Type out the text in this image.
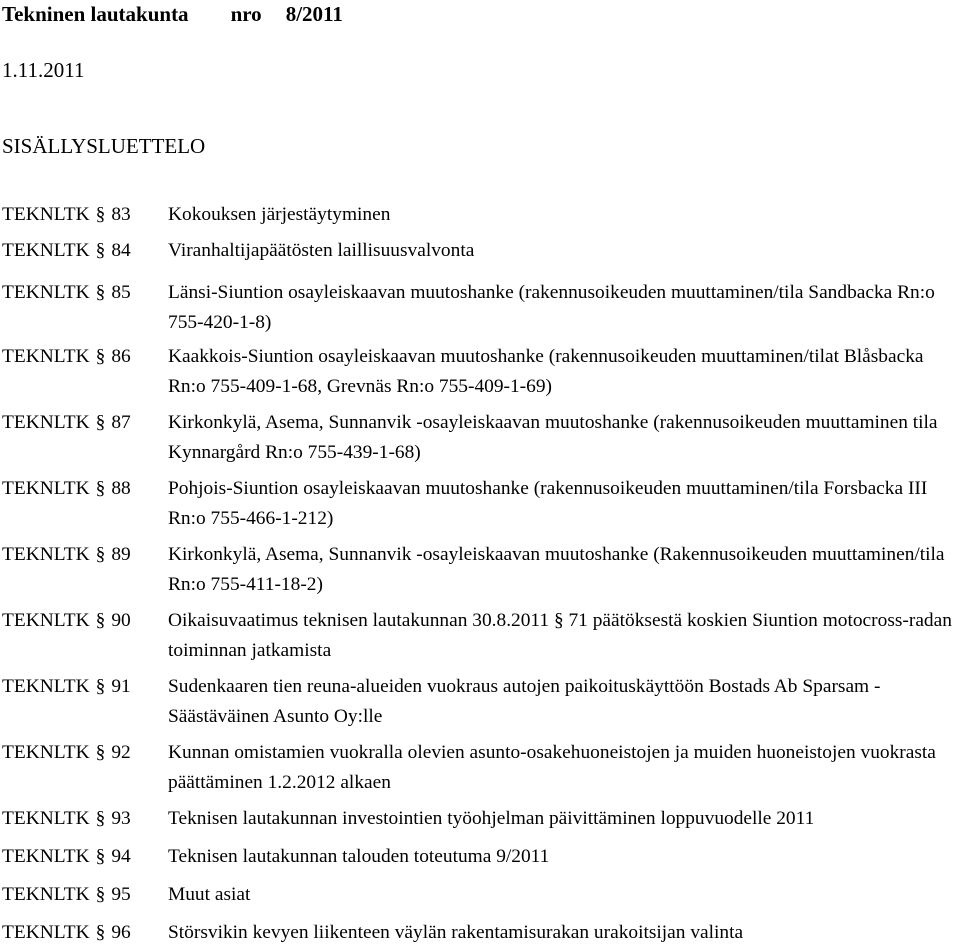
Tekninen lautakunta nro 8/2011
1.11.2011
SISÄLLYSLUETTELO
TEKNLTK § 83 Kokouksen järjestäytyminen
TEKNLTK § 84 Viranhaltijapäätösten laillisuusvalvonta
TEKNLTK § 85 Länsi-Siuntion osayleiskaavan muutoshanke (rakennusoikeuden muuttaminen/tila Sandbacka Rn:o 755-420-1-8)
TEKNLTK § 86 Kaakkois-Siuntion osayleiskaavan muutoshanke (rakennusoikeuden muuttaminen/tilat Blåsbacka Rn:o 755-409-1-68, Grevnäs Rn:o 755-409-1-69)
TEKNLTK § 87 Kirkonkylä, Asema, Sunnanvik -osayleiskaavan muutoshanke (rakennusoikeuden muuttaminen tila Kynnargård Rn:o 755-439-1-68)
TEKNLTK § 88 Pohjois-Siuntion osayleiskaavan muutoshanke (rakennusoikeuden muuttaminen/tila Forsbacka III Rn:o 755-466-1-212)
TEKNLTK § 89 Kirkonkylä, Asema, Sunnanvik -osayleiskaavan muutoshanke (Rakennusoikeuden muuttaminen/tila Rn:o 755-411-18-2)
TEKNLTK § 90 Oikaisuvaatimus teknisen lautakunnan 30.8.2011 § 71 päätöksestä koskien Siuntion motocross-radan toiminnan jatkamista
TEKNLTK § 91 Sudenkaaren tien reuna-alueiden vuokraus autojen paikoituskäyttöön Bostads Ab Sparsam - Säästäväinen Asunto Oy:lle
TEKNLTK § 92 Kunnan omistamien vuokralla olevien asunto-osakehuoneistojen ja muiden huoneistojen vuokrasta päättäminen 1.2.2012 alkaen
TEKNLTK § 93 Teknisen lautakunnan investointien työohjelman päivittäminen loppuvuodelle 2011
TEKNLTK § 94 Teknisen lautakunnan talouden toteutuma 9/2011
TEKNLTK § 95 Muut asiat
TEKNLTK § 96 Störsvikin kevyen liikenteen väylän rakentamisurakan urakoitsijan valinta
